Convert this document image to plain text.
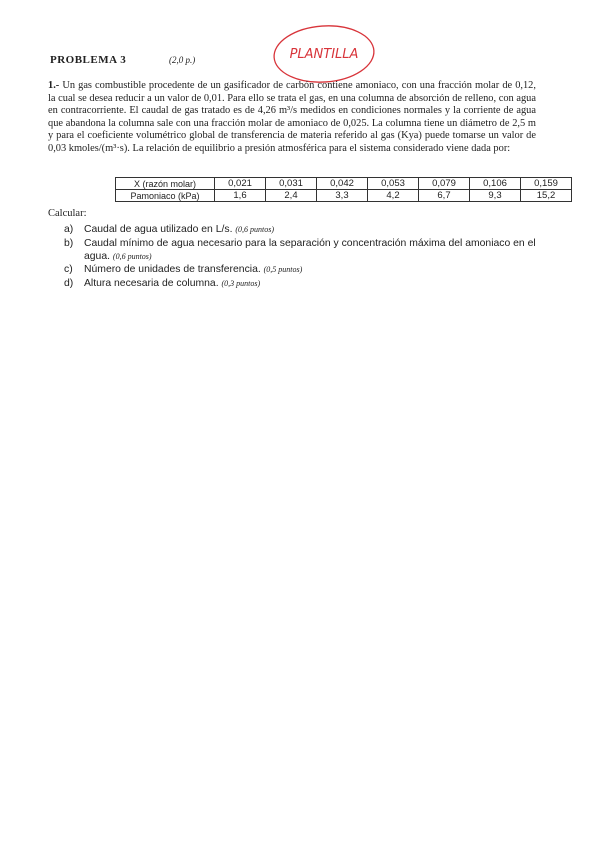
PROBLEMA 3	(2,0 p.)	PLANTILLA
1.- Un gas combustible procedente de un gasificador de carbón contiene amoniaco, con una fracción molar de 0,12, la cual se desea reducir a un valor de 0,01. Para ello se trata el gas, en una columna de absorción de relleno, con agua en contracorriente. El caudal de gas tratado es de 4,26 m³/s medidos en condiciones normales y la corriente de agua que abandona la columna sale con una fracción molar de amoniaco de 0,025. La columna tiene un diámetro de 2,5 m y para el coeficiente volumétrico global de transferencia de materia referido al gas (Kya) puede tomarse un valor de 0,03 kmoles/(m³·s). La relación de equilibrio a presión atmosférica para el sistema considerado viene dada por:
X (razón molar)	0,021	0,031	0,042	0,053	0,079	0,106	0,159
Pamoniaco (kPa)	1,6	2,4	3,3	4,2	6,7	9,3	15,2
Calcular:
a)	Caudal de agua utilizado en L/s. (0,6 puntos)
b)	Caudal mínimo de agua necesario para la separación y concentración máxima del amoniaco en el agua. (0,6 puntos)
c)	Número de unidades de transferencia. (0,5 puntos)
d)	Altura necesaria de columna. (0,3 puntos)
